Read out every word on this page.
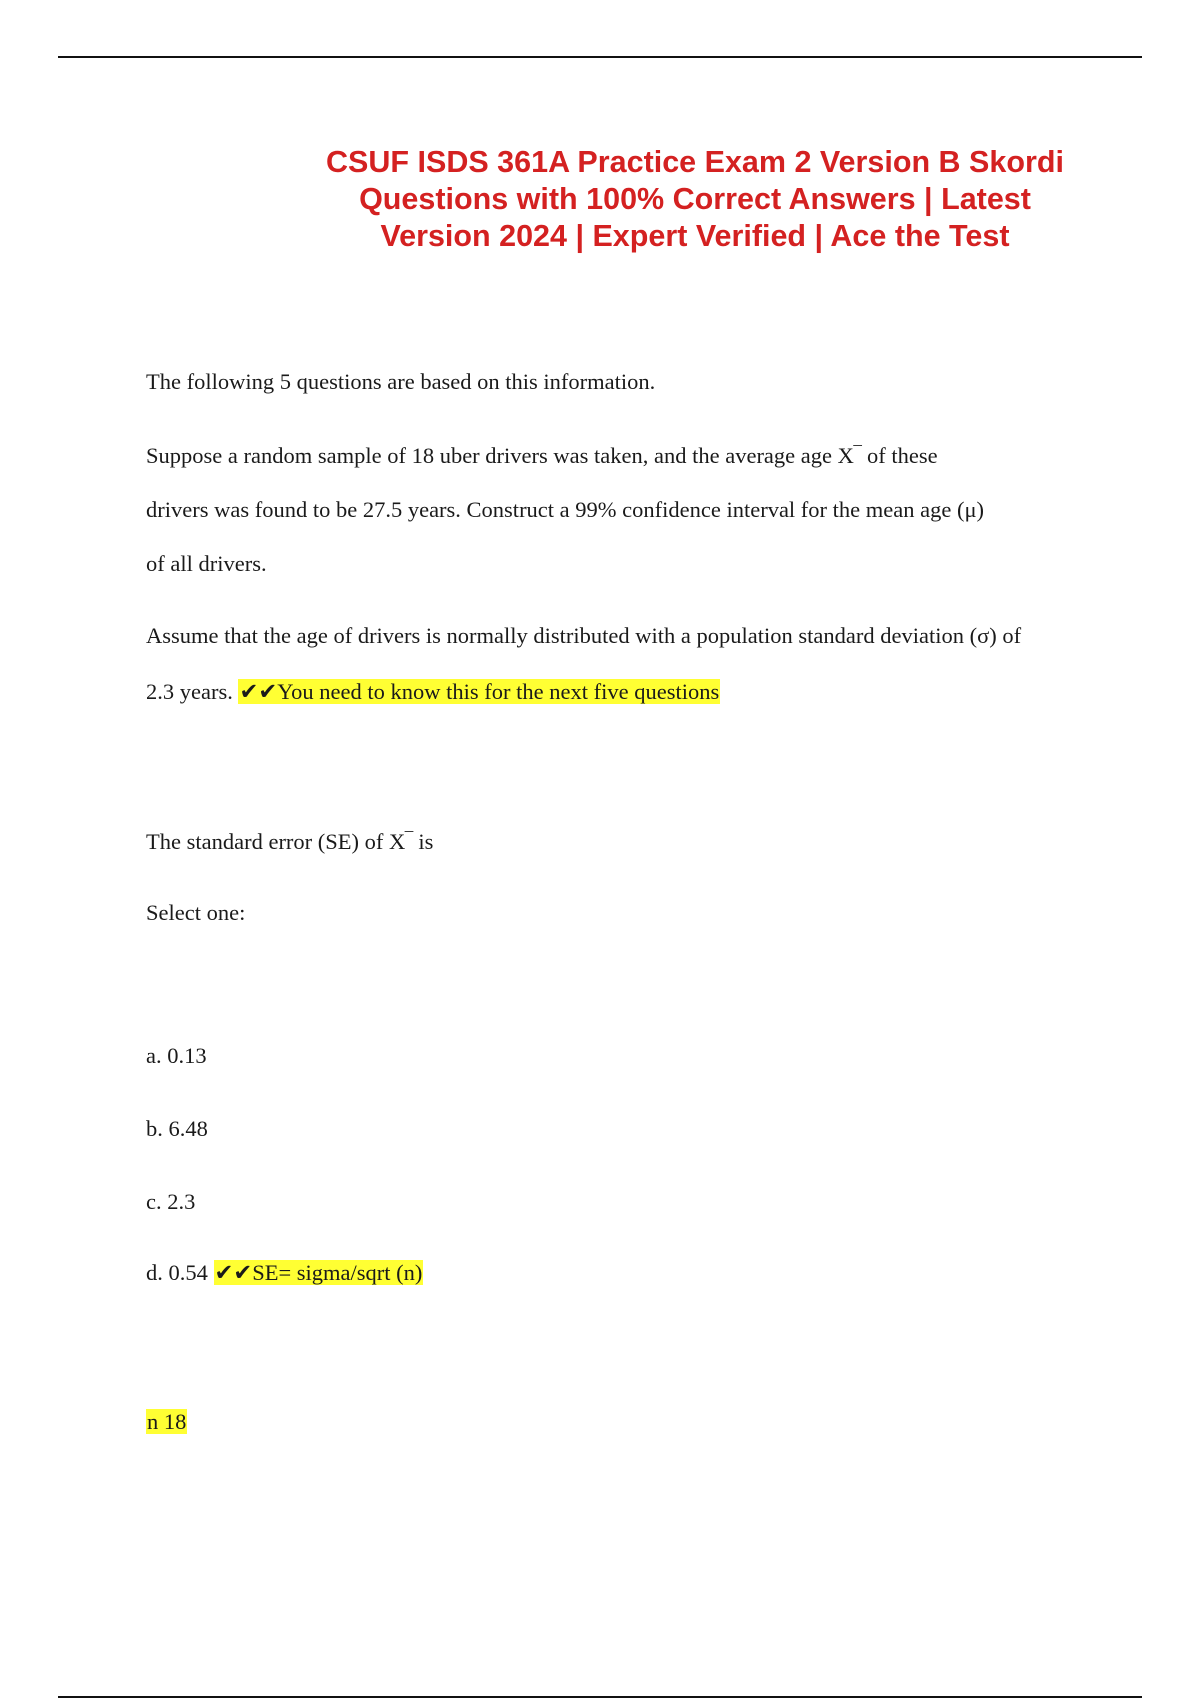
CSUF ISDS 361A Practice Exam 2 Version B Skordi
Questions with 100% Correct Answers | Latest
Version 2024 | Expert Verified | Ace the Test

The following 5 questions are based on this information.

Suppose a random sample of 18 uber drivers was taken, and the average age X‾ of these

drivers was found to be 27.5 years. Construct a 99% confidence interval for the mean age (μ)

of all drivers.

Assume that the age of drivers is normally distributed with a population standard deviation (σ) of

2.3 years. ✔✔You need to know this for the next five questions

The standard error (SE) of X‾ is

Select one:

a. 0.13

b. 6.48

c. 2.3

d. 0.54 ✔✔SE= sigma/sqrt (n)

n 18
